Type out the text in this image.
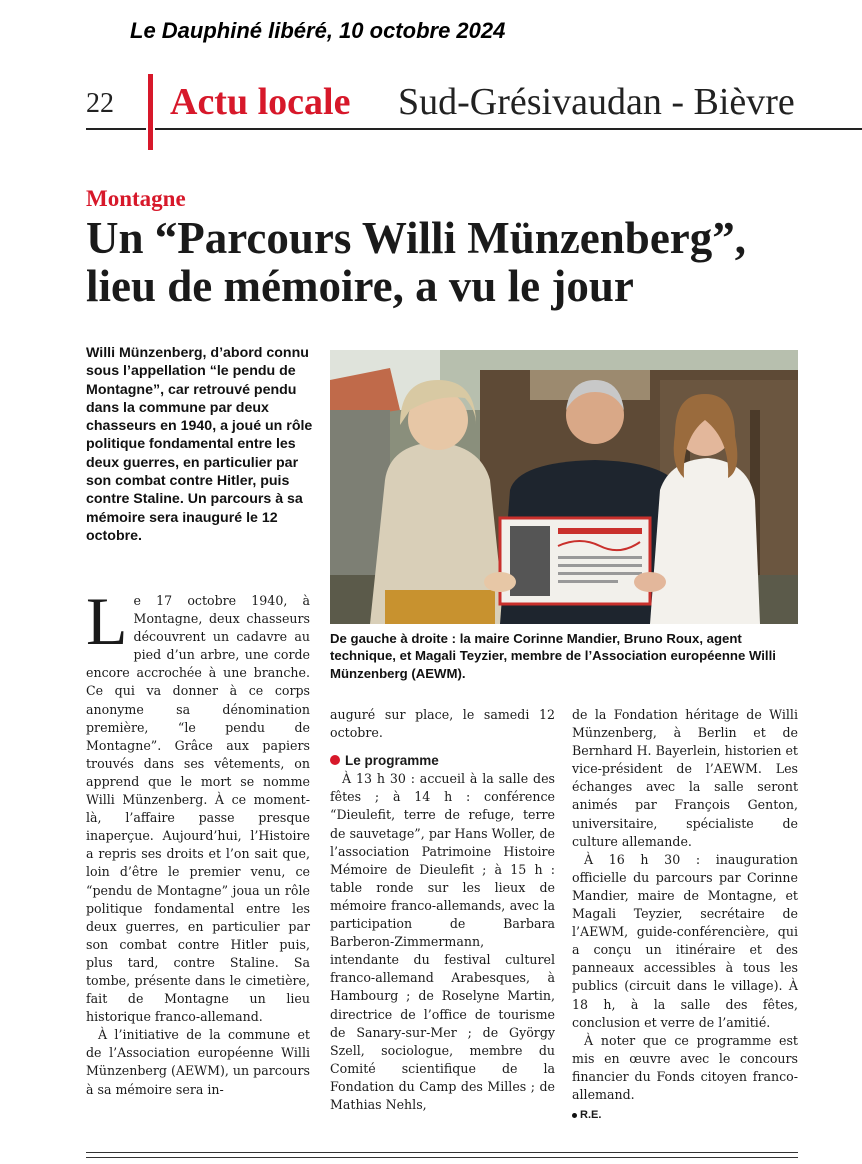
Le Dauphiné libéré, 10 octobre 2024
22 Actu locale Sud-Grésivaudan - Bièvre
Montagne
Un “Parcours Willi Münzenberg”, lieu de mémoire, a vu le jour
Willi Münzenberg, d’abord connu sous l’appellation “le pendu de Montagne”, car retrouvé pendu dans la commune par deux chasseurs en 1940, a joué un rôle politique fondamental entre les deux guerres, en particulier par son combat contre Hitler, puis contre Staline. Un parcours à sa mémoire sera inauguré le 12 octobre.

Le 17 octobre 1940, à Montagne, deux chasseurs découvrent un cadavre au pied d’un arbre, une corde encore accrochée à une branche. Ce qui va donner à ce corps anonyme sa dénomination première, “le pendu de Montagne”. Grâce aux papiers trouvés dans ses vêtements, on apprend que le mort se nomme Willi Münzenberg. À ce moment-là, l’affaire passe presque inaperçue. Aujourd’hui, l’Histoire a repris ses droits et l’on sait que, loin d’être le premier venu, ce “pendu de Montagne” joua un rôle politique fondamental entre les deux guerres, en particulier par son combat contre Hitler puis, plus tard, contre Staline. Sa tombe, présente dans le cimetière, fait de Montagne un lieu historique franco-allemand.

À l’initiative de la commune et de l’Association européenne Willi Münzenberg (AEWM), un parcours à sa mémoire sera in-

De gauche à droite : la maire Corinne Mandier, Bruno Roux, agent technique, et Magali Teyzier, membre de l’Association européenne Willi Münzenberg (AEWM).

auguré sur place, le samedi 12 octobre.

Le programme

À 13 h 30 : accueil à la salle des fêtes ; à 14 h : conférence “Dieulefit, terre de refuge, terre de sauvetage”, par Hans Woller, de l’association Patrimoine Histoire Mémoire de Dieulefit ; à 15 h : table ronde sur les lieux de mémoire franco-allemands, avec la participation de Barbara Barberon-Zimmermann, intendante du festival culturel franco-allemand Arabesques, à Hambourg ; de Roselyne Martin, directrice de l’office de tourisme de Sanary-sur-Mer ; de György Szell, sociologue, membre du Comité scientifique de la Fondation du Camp des Milles ; de Mathias Nehls,

de la Fondation héritage de Willi Münzenberg, à Berlin et de Bernhard H. Bayerlein, historien et vice-président de l’AEWM. Les échanges avec la salle seront animés par François Genton, universitaire, spécialiste de culture allemande.

À 16 h 30 : inauguration officielle du parcours par Corinne Mandier, maire de Montagne, et Magali Teyzier, secrétaire de l’AEWM, guide-conférencière, qui a conçu un itinéraire et des panneaux accessibles à tous les publics (circuit dans le village). À 18 h, à la salle des fêtes, conclusion et verre de l’amitié.

À noter que ce programme est mis en œuvre avec le concours financier du Fonds citoyen franco-allemand.

R.E.
